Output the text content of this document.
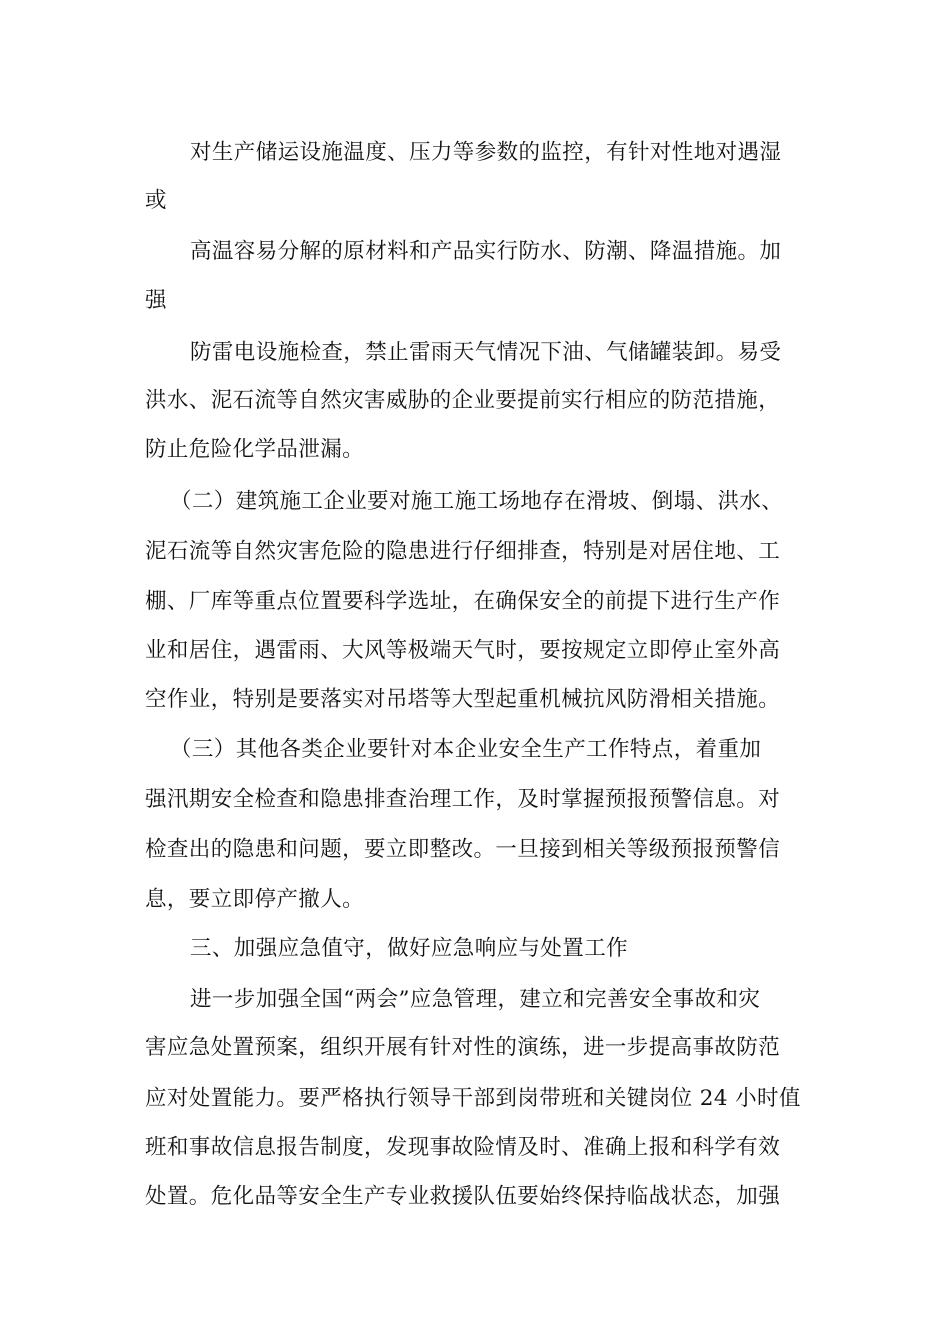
对生产储运设施温度、压力等参数的监控，有针对性地对遇湿
或
高温容易分解的原材料和产品实行防水、防潮、降温措施。加
强
防雷电设施检查，禁止雷雨天气情况下油、气储罐装卸。易受
洪水、泥石流等自然灾害威胁的企业要提前实行相应的防范措施，
防止危险化学品泄漏。
（二）建筑施工企业要对施工施工场地存在滑坡、倒塌、洪水、
泥石流等自然灾害危险的隐患进行仔细排查，特别是对居住地、工
棚、厂库等重点位置要科学选址，在确保安全的前提下进行生产作
业和居住，遇雷雨、大风等极端天气时，要按规定立即停止室外高
空作业，特别是要落实对吊塔等大型起重机械抗风防滑相关措施。
（三）其他各类企业要针对本企业安全生产工作特点，着重加
强汛期安全检查和隐患排查治理工作，及时掌握预报预警信息。对
检查出的隐患和问题，要立即整改。一旦接到相关等级预报预警信
息，要立即停产撤人。
三、加强应急值守，做好应急响应与处置工作
进一步加强全国“两会”应急管理，建立和完善安全事故和灾
害应急处置预案，组织开展有针对性的演练，进一步提高事故防范
应对处置能力。要严格执行领导干部到岗带班和关键岗位 24 小时值
班和事故信息报告制度，发现事故险情及时、准确上报和科学有效
处置。危化品等安全生产专业救援队伍要始终保持临战状态，加强
